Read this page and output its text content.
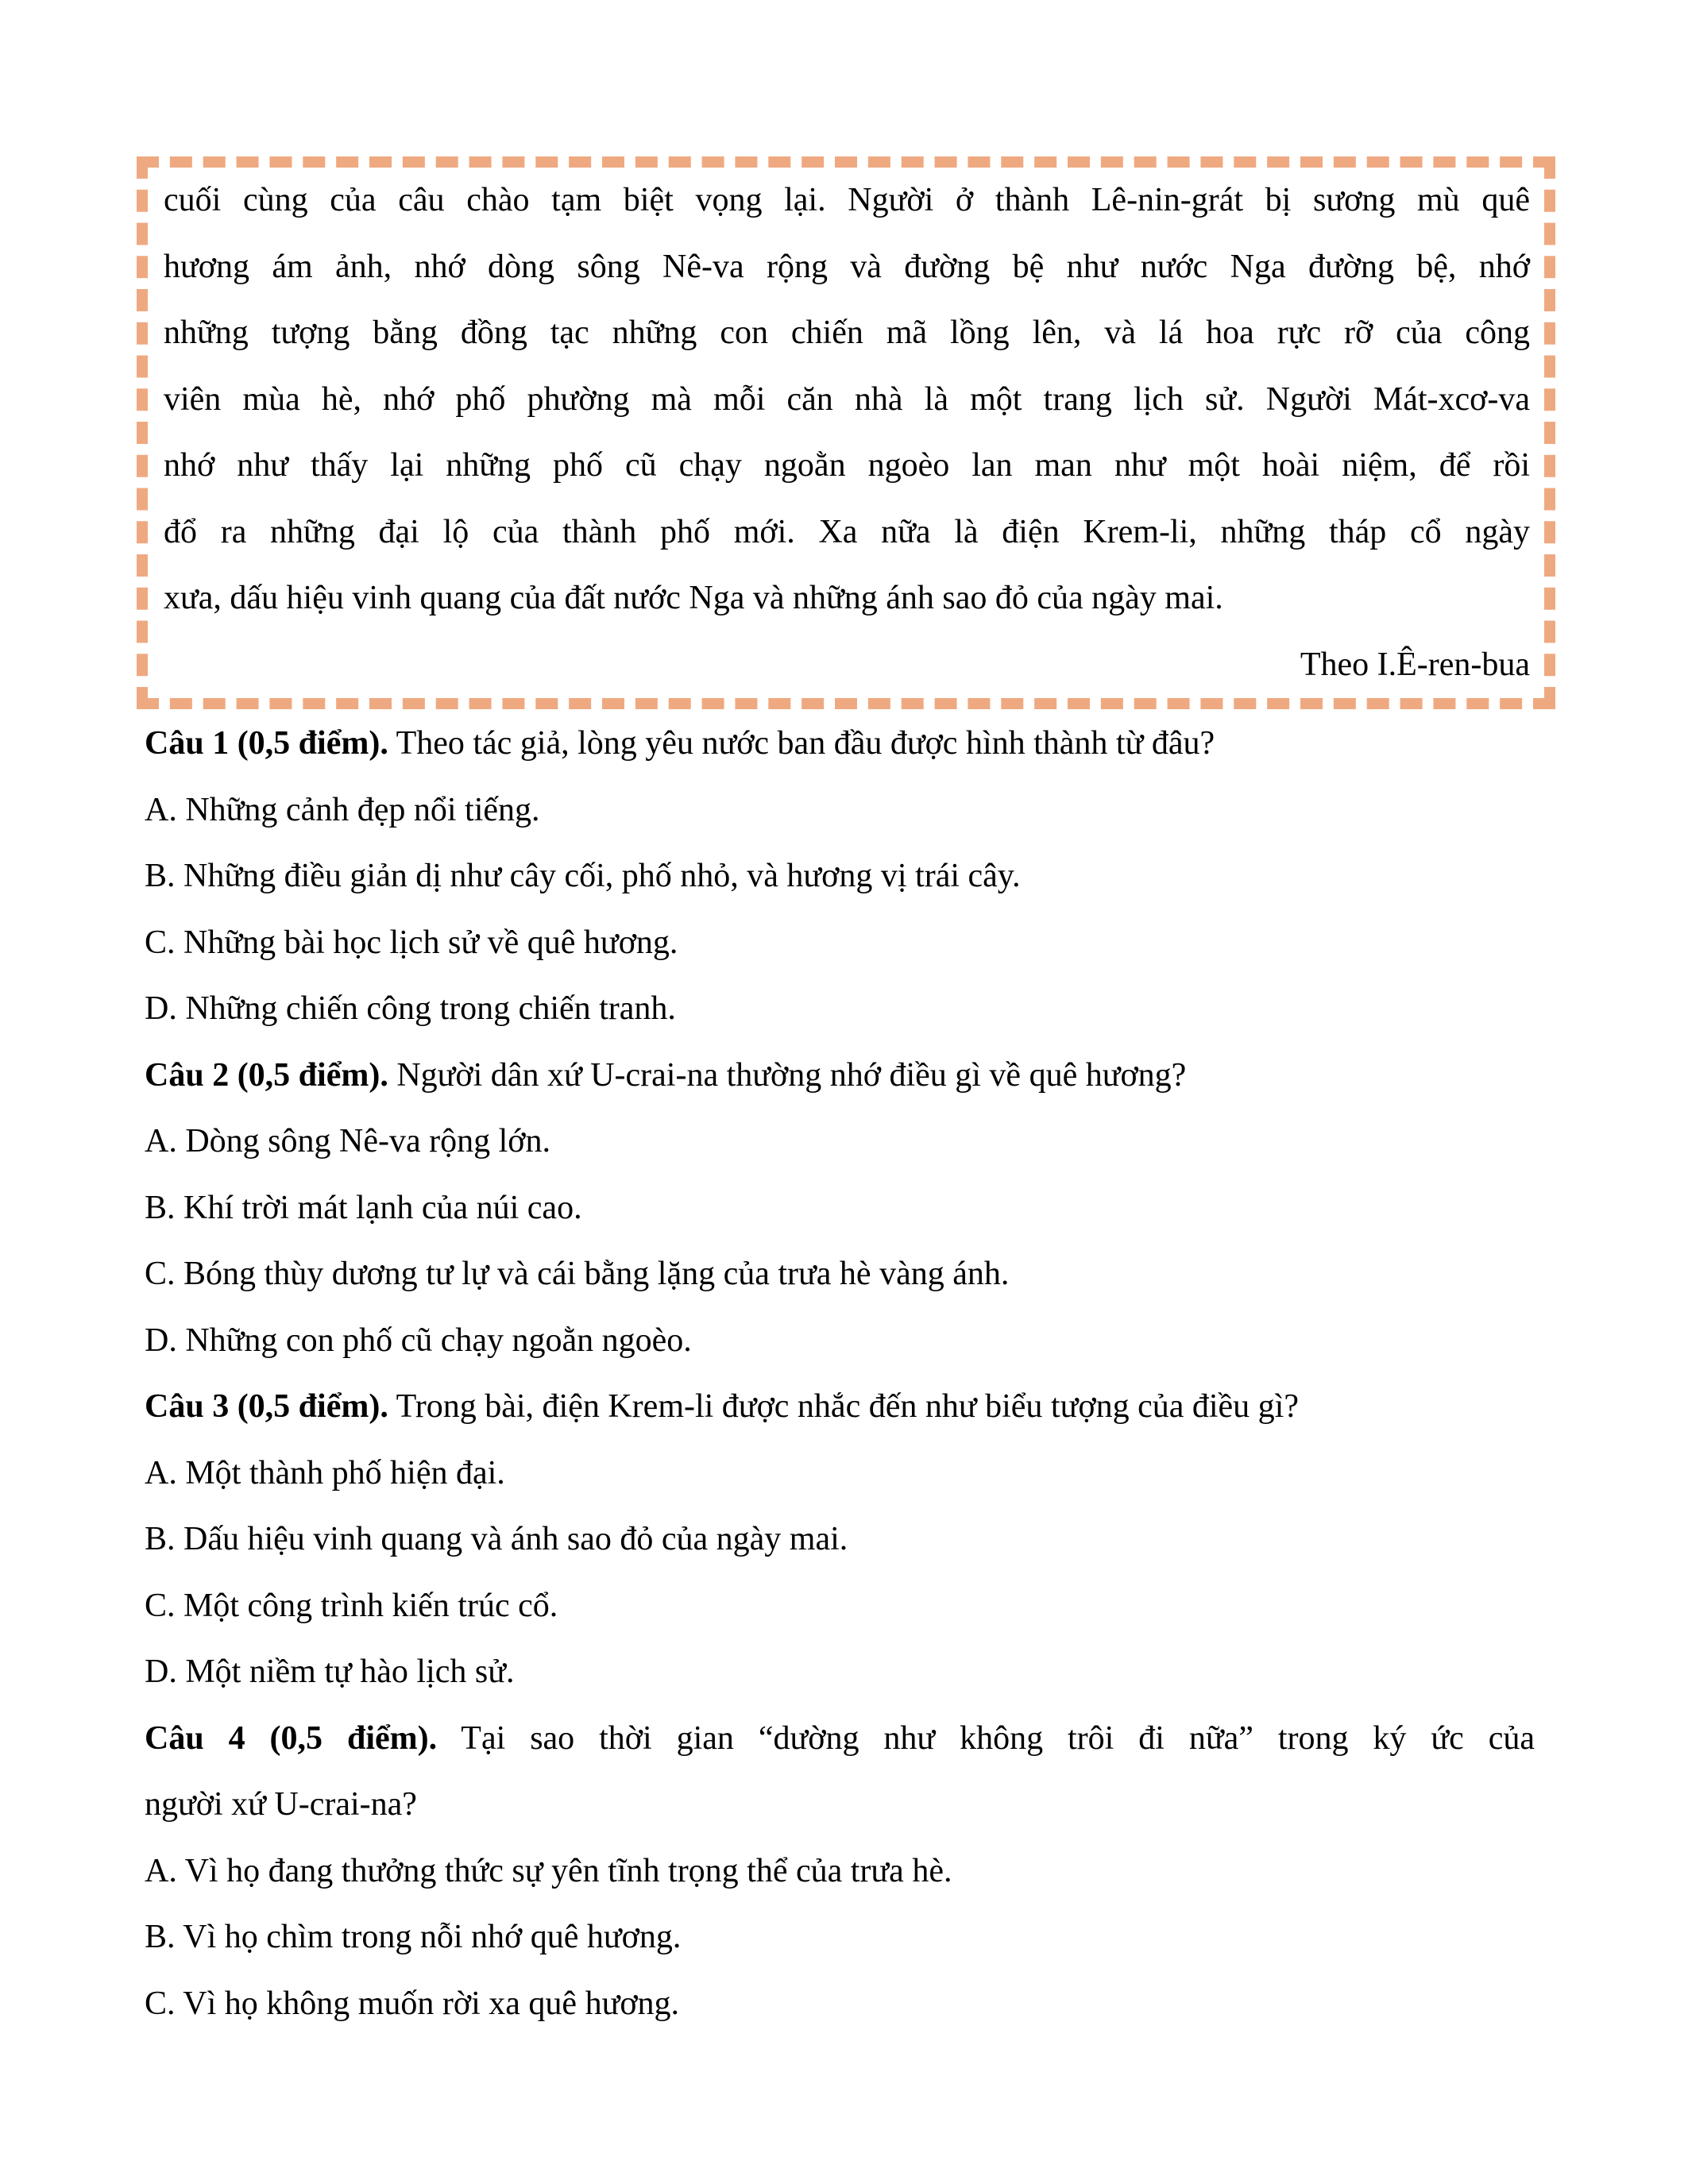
cuối cùng của câu chào tạm biệt vọng lại. Người ở thành Lê-nin-grát bị sương mù quê

hương ám ảnh, nhớ dòng sông Nê-va rộng và đường bệ như nước Nga đường bệ, nhớ

những tượng bằng đồng tạc những con chiến mã lồng lên, và lá hoa rực rỡ của công

viên mùa hè, nhớ phố phường mà mỗi căn nhà là một trang lịch sử. Người Mát-xcơ-va

nhớ như thấy lại những phố cũ chạy ngoằn ngoèo lan man như một hoài niệm, để rồi

đổ ra những đại lộ của thành phố mới. Xa nữa là điện Krem-li, những tháp cổ ngày

xưa, dấu hiệu vinh quang của đất nước Nga và những ánh sao đỏ của ngày mai.

Theo I.Ê-ren-bua

Câu 1 (0,5 điểm). Theo tác giả, lòng yêu nước ban đầu được hình thành từ đâu?

A. Những cảnh đẹp nổi tiếng.

B. Những điều giản dị như cây cối, phố nhỏ, và hương vị trái cây.

C. Những bài học lịch sử về quê hương.

D. Những chiến công trong chiến tranh.

Câu 2 (0,5 điểm). Người dân xứ U-crai-na thường nhớ điều gì về quê hương?

A. Dòng sông Nê-va rộng lớn.

B. Khí trời mát lạnh của núi cao.

C. Bóng thùy dương tư lự và cái bằng lặng của trưa hè vàng ánh.

D. Những con phố cũ chạy ngoằn ngoèo.

Câu 3 (0,5 điểm). Trong bài, điện Krem-li được nhắc đến như biểu tượng của điều gì?

A. Một thành phố hiện đại.

B. Dấu hiệu vinh quang và ánh sao đỏ của ngày mai.

C. Một công trình kiến trúc cổ.

D. Một niềm tự hào lịch sử.

Câu 4 (0,5 điểm). Tại sao thời gian “dường như không trôi đi nữa” trong ký ức của

người xứ U-crai-na?

A. Vì họ đang thưởng thức sự yên tĩnh trọng thể của trưa hè.

B. Vì họ chìm trong nỗi nhớ quê hương.

C. Vì họ không muốn rời xa quê hương.
